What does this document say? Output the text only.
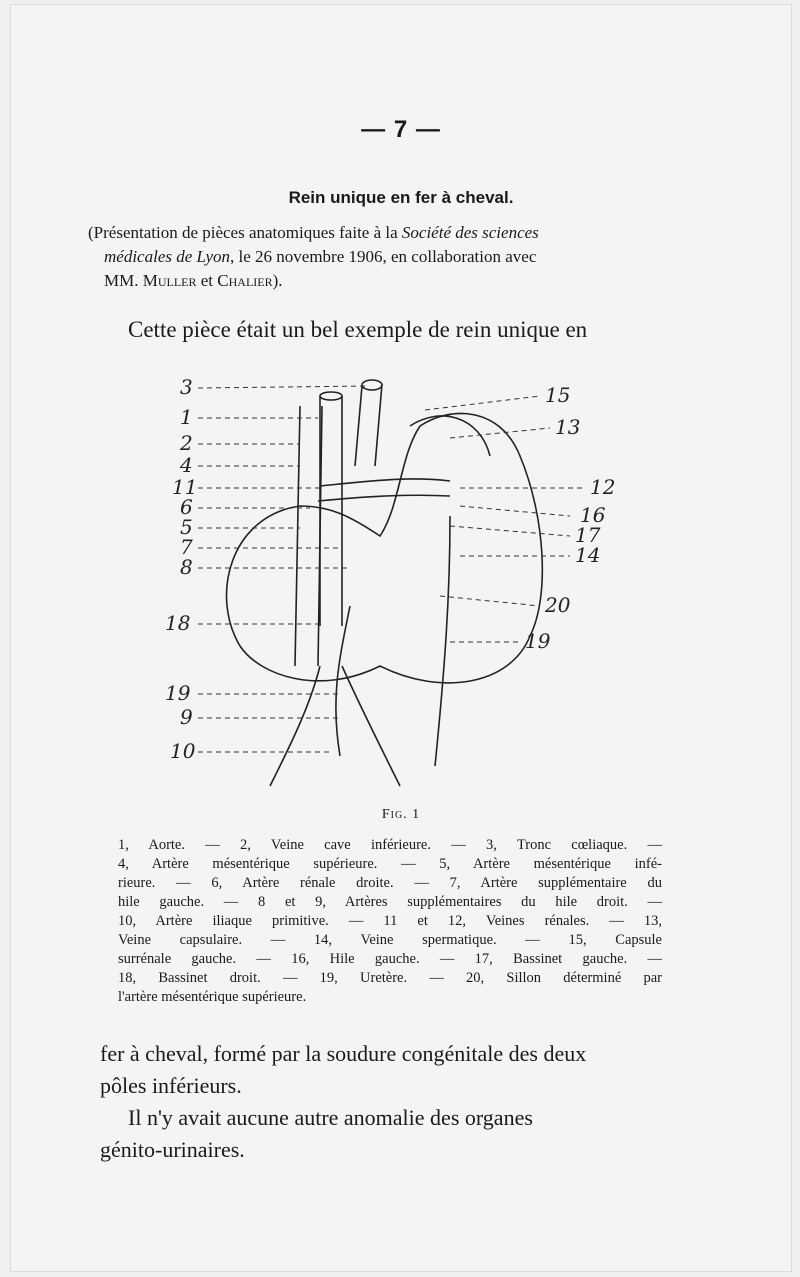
— 7 —
Rein unique en fer à cheval.
(Présentation de pièces anatomiques faite à la Société des sciences
médicales de Lyon, le 26 novembre 1906, en collaboration avec
MM. Muller et Chalier).
Cette pièce était un bel exemple de rein unique en
3
1
2
4
11
6
5
7
8
18
19
9
10
15
13
12
16
17
14
20
19
Fig. 1
1, Aorte. — 2, Veine cave inférieure. — 3, Tronc cœliaque. —
4, Artère mésentérique supérieure. — 5, Artère mésentérique infé-
rieure. — 6, Artère rénale droite. — 7, Artère supplémentaire du
hile gauche. — 8 et 9, Artères supplémentaires du hile droit. —
10, Artère iliaque primitive. — 11 et 12, Veines rénales. — 13,
Veine capsulaire. — 14, Veine spermatique. — 15, Capsule
surrénale gauche. — 16, Hile gauche. — 17, Bassinet gauche. —
18, Bassinet droit. — 19, Uretère. — 20, Sillon déterminé par
l'artère mésentérique supérieure.
fer à cheval, formé par la soudure congénitale des deux
pôles inférieurs.
Il n'y avait aucune autre anomalie des organes
génito-urinaires.
